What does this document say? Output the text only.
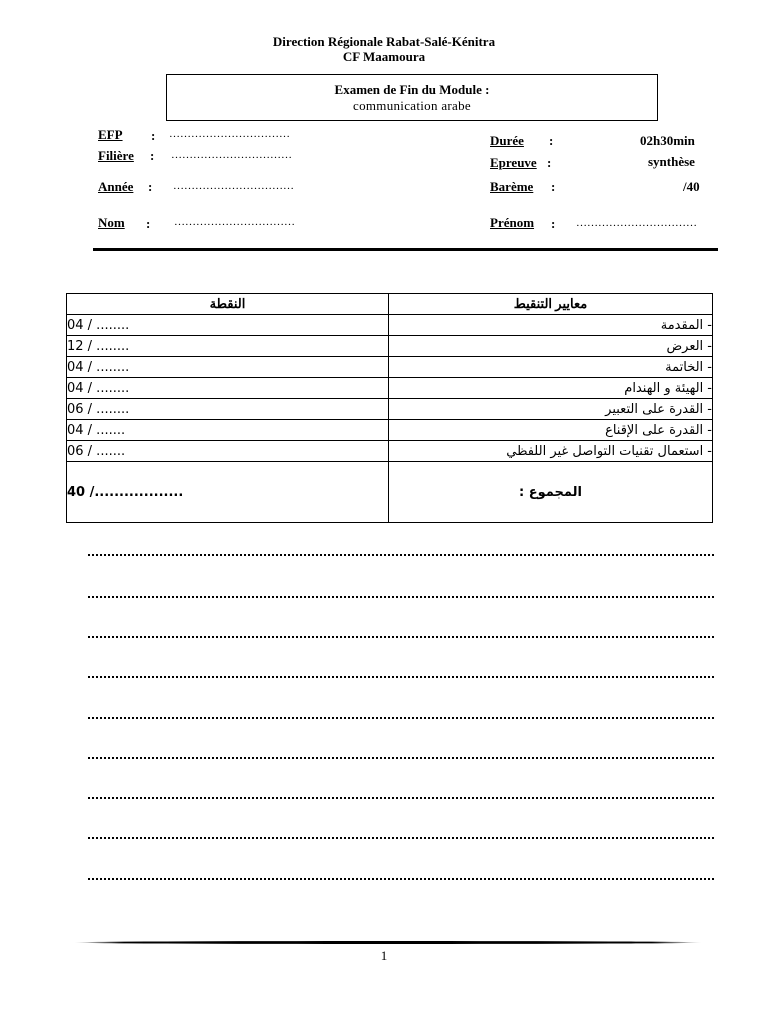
Direction Régionale Rabat-Salé-Kénitra
CF Maamoura
Examen de Fin du Module :
communication arabe
EFP : ……………………………
Filière : ……………………………
Année : ……………………………
Nom : ……………………………
Durée :	02h30min
Epreuve :	synthèse
Barème :	/40
Prénom : ……………………………
النقطة	معايير التنقيط
04 / ........	- المقدمة
12 / ........	- العرض
04 / ........	- الخاتمة
04 / ........	- الهيئة و الهندام
06 / ........	- القدرة على التعبير
04 / .......	- القدرة على الإقناع
06 / .......	- استعمال تقنيات التواصل غير اللفظي
40 /..................	المجموع :
1
